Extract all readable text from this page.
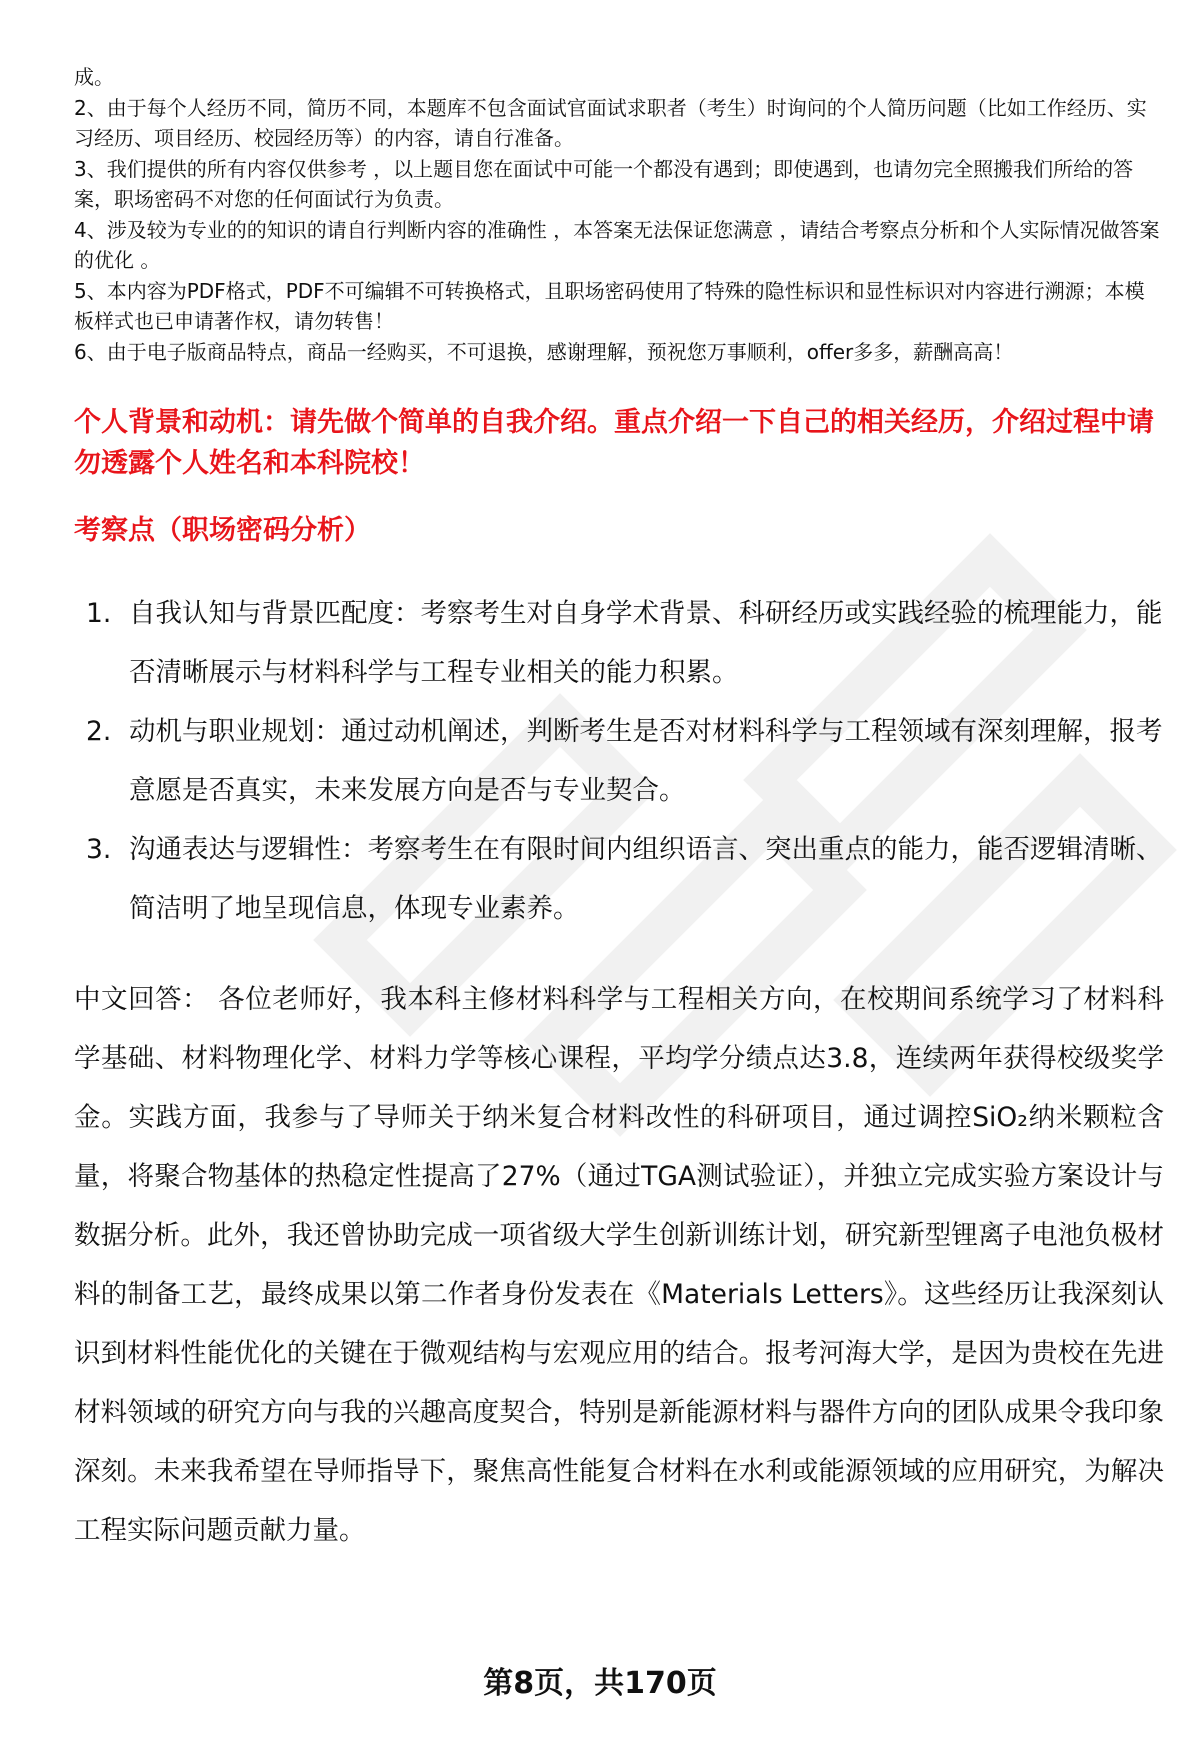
成。

2、由于每个人经历不同，简历不同，本题库不包含面试官面试求职者（考生）时询问的个人简历问题（比如工作经历、实习经历、项目经历、校园经历等）的内容，请自行准备。

3、我们提供的所有内容仅供参考 ，以上题目您在面试中可能一个都没有遇到；即使遇到，也请勿完全照搬我们所给的答案，职场密码不对您的任何面试行为负责。

4、涉及较为专业的的知识的请自行判断内容的准确性 ，本答案无法保证您满意 ，请结合考察点分析和个人实际情况做答案的优化 。

5、本内容为PDF格式，PDF不可编辑不可转换格式，且职场密码使用了特殊的隐性标识和显性标识对内容进行溯源；本模板样式也已申请著作权，请勿转售！

6、由于电子版商品特点，商品一经购买，不可退换，感谢理解，预祝您万事顺利，offer多多，薪酬高高！

个人背景和动机：请先做个简单的自我介绍。重点介绍一下自己的相关经历，介绍过程中请勿透露个人姓名和本科院校！
考察点（职场密码分析）
1. 自我认知与背景匹配度：考察考生对自身学术背景、科研经历或实践经验的梳理能力，能否清晰展示与材料科学与工程专业相关的能力积累。
2. 动机与职业规划：通过动机阐述，判断考生是否对材料科学与工程领域有深刻理解，报考意愿是否真实，未来发展方向是否与专业契合。
3. 沟通表达与逻辑性：考察考生在有限时间内组织语言、突出重点的能力，能否逻辑清晰、简洁明了地呈现信息，体现专业素养。

中文回答： 各位老师好，我本科主修材料科学与工程相关方向，在校期间系统学习了材料科学基础、材料物理化学、材料力学等核心课程，平均学分绩点达3.8，连续两年获得校级奖学金。实践方面，我参与了导师关于纳米复合材料改性的科研项目，通过调控SiO₂纳米颗粒含量，将聚合物基体的热稳定性提高了27%（通过TGA测试验证），并独立完成实验方案设计与数据分析。此外，我还曾协助完成一项省级大学生创新训练计划，研究新型锂离子电池负极材料的制备工艺，最终成果以第二作者身份发表在《Materials Letters》。这些经历让我深刻认识到材料性能优化的关键在于微观结构与宏观应用的结合。报考河海大学，是因为贵校在先进材料领域的研究方向与我的兴趣高度契合，特别是新能源材料与器件方向的团队成果令我印象深刻。未来我希望在导师指导下，聚焦高性能复合材料在水利或能源领域的应用研究，为解决工程实际问题贡献力量。

第8页，共170页
